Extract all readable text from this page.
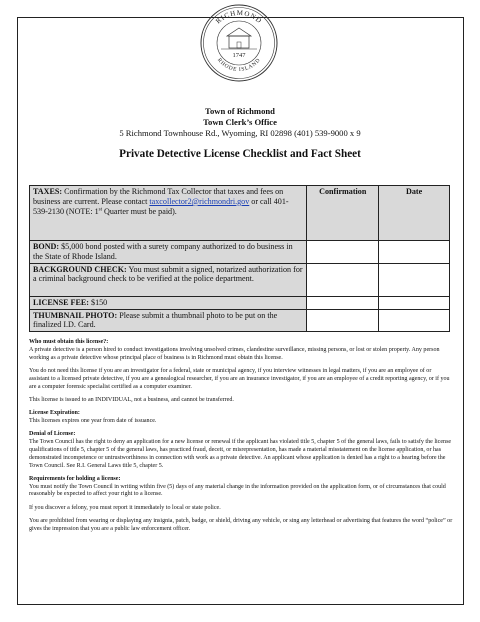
RICHMOND
RHODE ISLAND
1747
Town of Richmond
Town Clerk’s Office
5 Richmond Townhouse Rd., Wyoming, RI 02898 (401) 539-9000 x 9
Private Detective License Checklist and Fact Sheet
TAXES: Confirmation by the Richmond Tax Collector that taxes and fees on business are current. Please contact taxcollector2@richmondri.gov or call 401-539-2130 (NOTE: 1st Quarter must be paid).	Confirmation	Date
BOND: $5,000 bond posted with a surety company authorized to do business in the State of Rhode Island.		
BACKGROUND CHECK: You must submit a signed, notarized authorization for a criminal background check to be verified at the police department.		
LICENSE FEE: $150		
THUMBNAIL PHOTO: Please submit a thumbnail photo to be put on the finalized I.D. Card.		

Who must obtain this license?:
A private detective is a person hired to conduct investigations involving unsolved crimes, clandestine surveillance, missing persons, or lost or stolen property. Any person working as a private detective whose principal place of business is in Richmond must obtain this license.

You do not need this license if you are an investigator for a federal, state or municipal agency, if you interview witnesses in legal matters, if you are an employee of or assistant to a licensed private detective, if you are a genealogical researcher, if you are an insurance investigator, if you are an employee of a credit reporting agency, or if you are a computer forensic specialist certified as a computer examiner.

This license is issued to an INDIVIDUAL, not a business, and cannot be transferred.

License Expiration:
This licenses expires one year from date of issuance.

Denial of License:
The Town Council has the right to deny an application for a new license or renewal if the applicant has violated title 5, chapter 5 of the general laws, fails to satisfy the license qualifications of title 5, chapter 5 of the general laws, has practiced fraud, deceit, or misrepresentation, has made a material misstatement on the license application, or has demonstrated incompetence or untrustworthiness in connection with work as a private detective. An applicant whose application is denied has a right to a hearing before the Town Council. See R.I. General Laws title 5, chapter 5.

Requirements for holding a license:
You must notify the Town Council in writing within five (5) days of any material change in the information provided on the application form, or of circumstances that could reasonably be expected to affect your right to a license.

If you discover a felony, you must report it immediately to local or state police.

You are prohibited from wearing or displaying any insignia, patch, badge, or shield, driving any vehicle, or sing any letterhead or advertising that features the word “police” or gives the impression that you are a public law enforcement officer.
